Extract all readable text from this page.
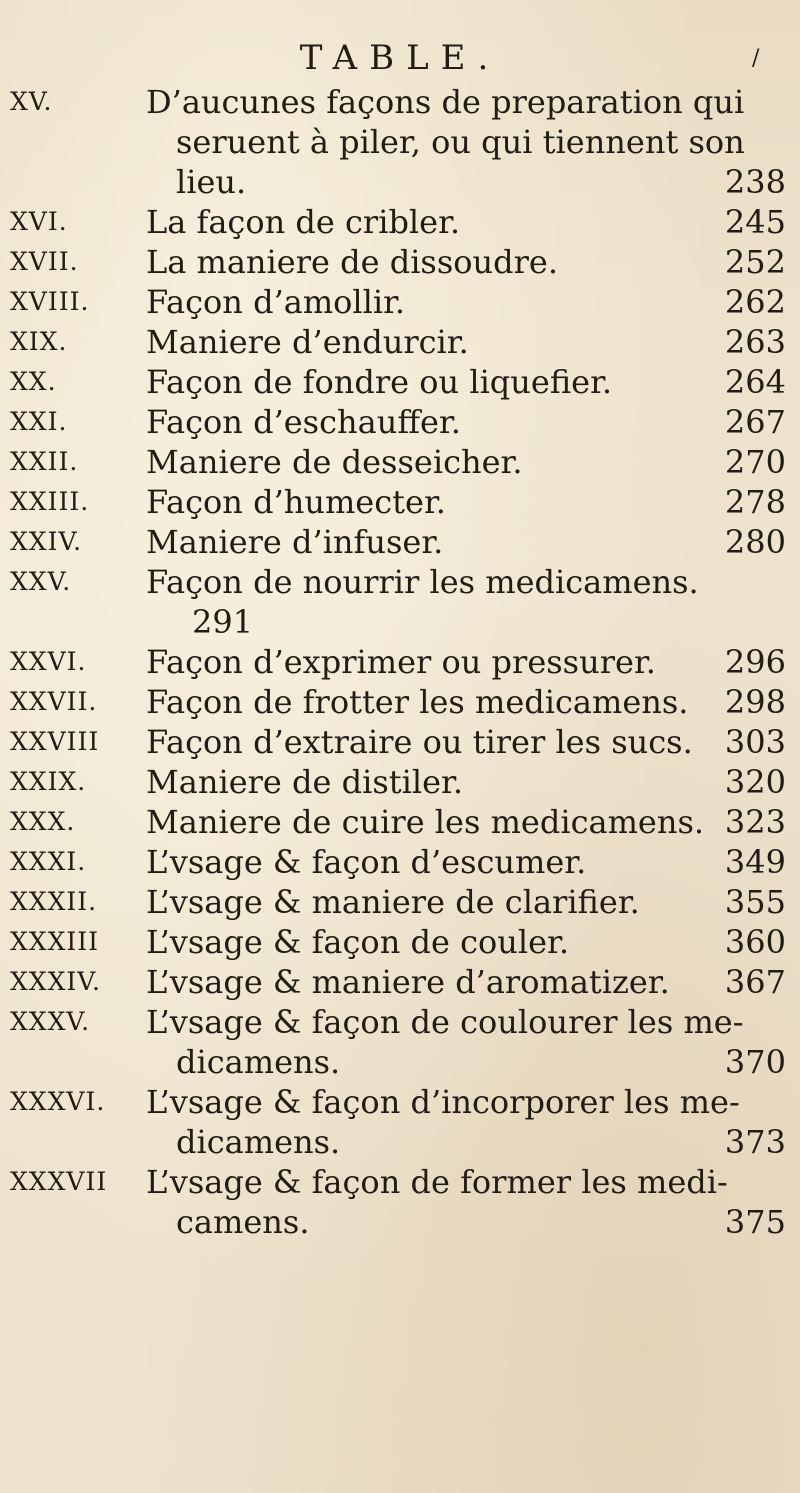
TABLE.	/
XV.	D’aucunes façons de preparation qui
seruent à piler, ou qui tiennent son
lieu.	238
XVI.	La façon de cribler.	245
XVII.	La maniere de dissoudre.	252
XVIII.	Façon d’amollir.	262
XIX.	Maniere d’endurcir.	263
XX.	Façon de fondre ou liquefier.	264
XXI.	Façon d’eschauffer.	267
XXII.	Maniere de desseicher.	270
XXIII.	Façon d’humecter.	278
XXIV.	Maniere d’infuser.	280
XXV.	Façon de nourrir les medicamens.
291
XXVI.	Façon d’exprimer ou pressurer.	296
XXVII.	Façon de frotter les medicamens.	298
XXVIII	Façon d’extraire ou tirer les sucs.	303
XXIX.	Maniere de distiler.	320
XXX.	Maniere de cuire les medicamens. 323
XXXI.	L’vsage & façon d’escumer.	349
XXXII.	L’vsage & maniere de clarifier.	355
XXXIII	L’vsage & façon de couler.	360
XXXIV.	L’vsage & maniere d’aromatizer.	367
XXXV.	L’vsage & façon de coulourer les me-
dicamens.	370
XXXVI.	L’vsage & façon d’incorporer les me-
dicamens.	373
XXXVII	L’vsage & façon de former les medi-
camens.	375
